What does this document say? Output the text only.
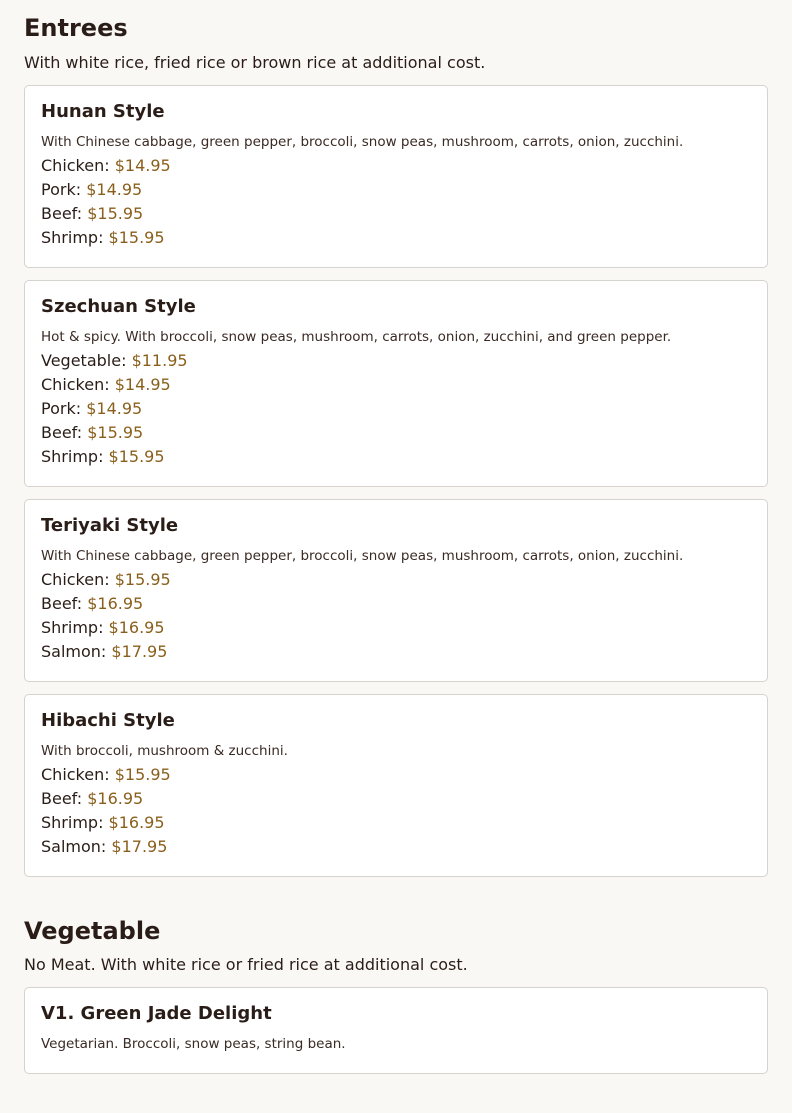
Entrees

With white rice, fried rice or brown rice at additional cost.

Hunan Style

With Chinese cabbage, green pepper, broccoli, snow peas, mushroom, carrots, onion, zucchini.

Chicken: $14.95

Pork: $14.95

Beef: $15.95

Shrimp: $15.95

Szechuan Style

Hot & spicy. With broccoli, snow peas, mushroom, carrots, onion, zucchini, and green pepper.

Vegetable: $11.95

Chicken: $14.95

Pork: $14.95

Beef: $15.95

Shrimp: $15.95

Teriyaki Style

With Chinese cabbage, green pepper, broccoli, snow peas, mushroom, carrots, onion, zucchini.

Chicken: $15.95

Beef: $16.95

Shrimp: $16.95

Salmon: $17.95

Hibachi Style

With broccoli, mushroom & zucchini.

Chicken: $15.95

Beef: $16.95

Shrimp: $16.95

Salmon: $17.95

Vegetable

No Meat. With white rice or fried rice at additional cost.

V1. Green Jade Delight

Vegetarian. Broccoli, snow peas, string bean.
